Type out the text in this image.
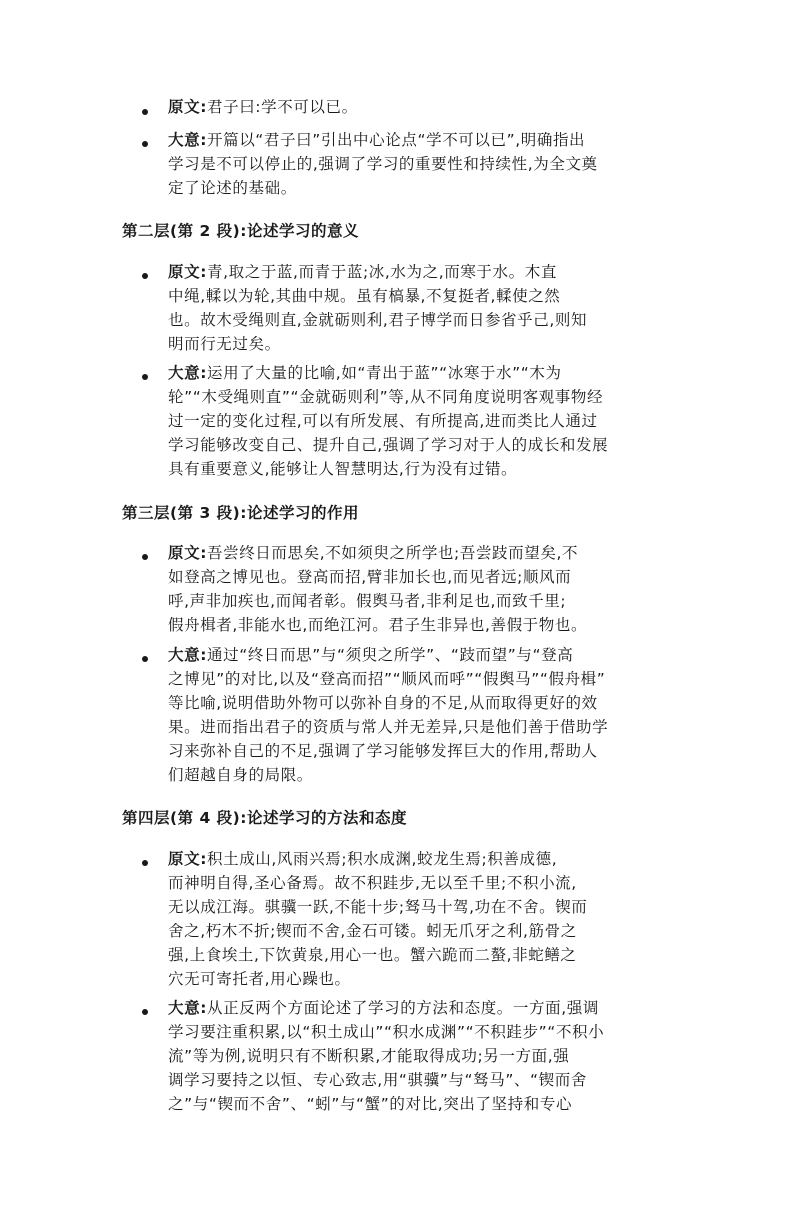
原文:君子曰:学不可以已。
大意:开篇以“君子曰”引出中心论点“学不可以已”,明确指出
学习是不可以停止的,强调了学习的重要性和持续性,为全文奠
定了论述的基础。
第二层(第 2 段):论述学习的意义
原文:青,取之于蓝,而青于蓝;冰,水为之,而寒于水。木直
中绳,輮以为轮,其曲中规。虽有槁暴,不复挺者,輮使之然
也。故木受绳则直,金就砺则利,君子博学而日参省乎己,则知
明而行无过矣。
大意:运用了大量的比喻,如“青出于蓝”“冰寒于水”“木为
轮”“木受绳则直”“金就砺则利”等,从不同角度说明客观事物经
过一定的变化过程,可以有所发展、有所提高,进而类比人通过
学习能够改变自己、提升自己,强调了学习对于人的成长和发展
具有重要意义,能够让人智慧明达,行为没有过错。
第三层(第 3 段):论述学习的作用
原文:吾尝终日而思矣,不如须臾之所学也;吾尝跂而望矣,不
如登高之博见也。登高而招,臂非加长也,而见者远;顺风而
呼,声非加疾也,而闻者彰。假舆马者,非利足也,而致千里;
假舟楫者,非能水也,而绝江河。君子生非异也,善假于物也。
大意:通过“终日而思”与“须臾之所学”、“跂而望”与“登高
之博见”的对比,以及“登高而招”“顺风而呼”“假舆马”“假舟楫”
等比喻,说明借助外物可以弥补自身的不足,从而取得更好的效
果。进而指出君子的资质与常人并无差异,只是他们善于借助学
习来弥补自己的不足,强调了学习能够发挥巨大的作用,帮助人
们超越自身的局限。
第四层(第 4 段):论述学习的方法和态度
原文:积土成山,风雨兴焉;积水成渊,蛟龙生焉;积善成德,
而神明自得,圣心备焉。故不积跬步,无以至千里;不积小流,
无以成江海。骐骥一跃,不能十步;驽马十驾,功在不舍。锲而
舍之,朽木不折;锲而不舍,金石可镂。蚓无爪牙之利,筋骨之
强,上食埃土,下饮黄泉,用心一也。蟹六跪而二螯,非蛇鳝之
穴无可寄托者,用心躁也。
大意:从正反两个方面论述了学习的方法和态度。一方面,强调
学习要注重积累,以“积土成山”“积水成渊”“不积跬步”“不积小
流”等为例,说明只有不断积累,才能取得成功;另一方面,强
调学习要持之以恒、专心致志,用“骐骥”与“驽马”、“锲而舍
之”与“锲而不舍”、“蚓”与“蟹”的对比,突出了坚持和专心
